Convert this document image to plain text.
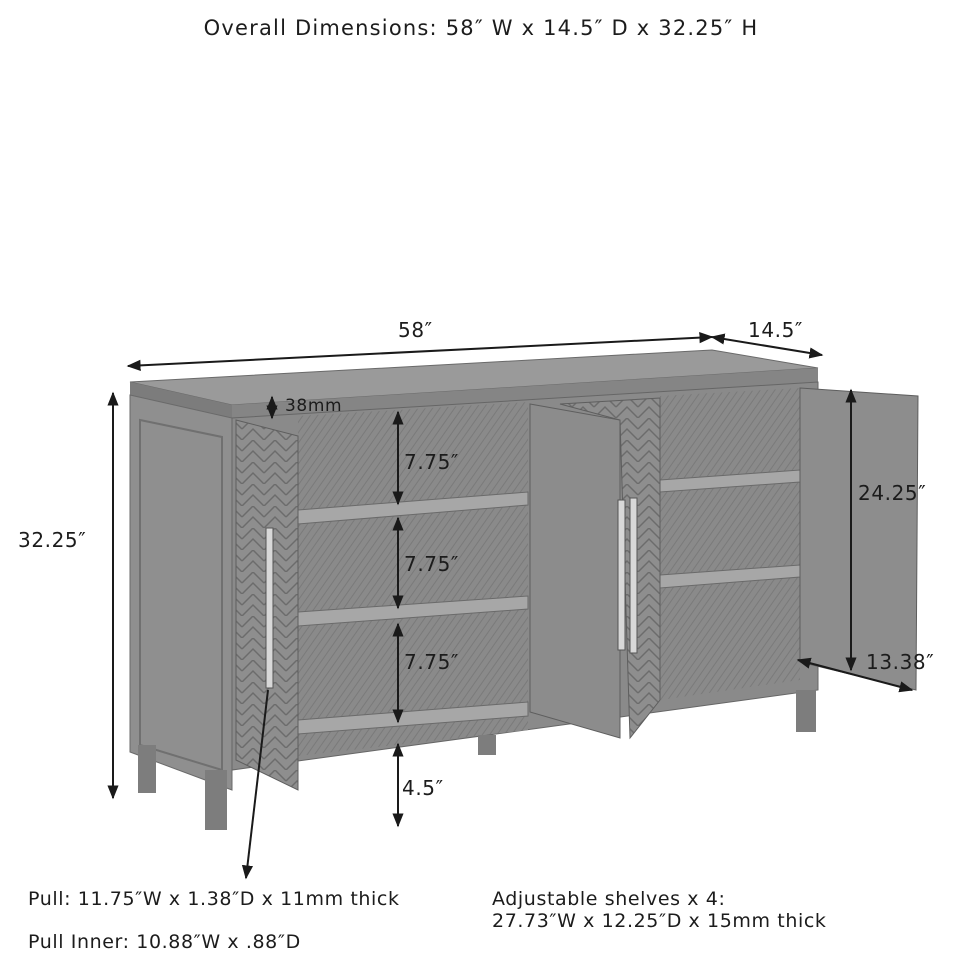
Overall Dimensions: 58″ W x 14.5″ D x 32.25″ H
58″	14.5″
32.25″
38mm
7.75″
7.75″
7.75″
4.5″
24.25″
13.38″
Pull: 11.75″W x 1.38″D x 11mm thick
Pull Inner: 10.88″W x .88″D
Adjustable shelves x 4:
27.73″W x 12.25″D x 15mm thick
